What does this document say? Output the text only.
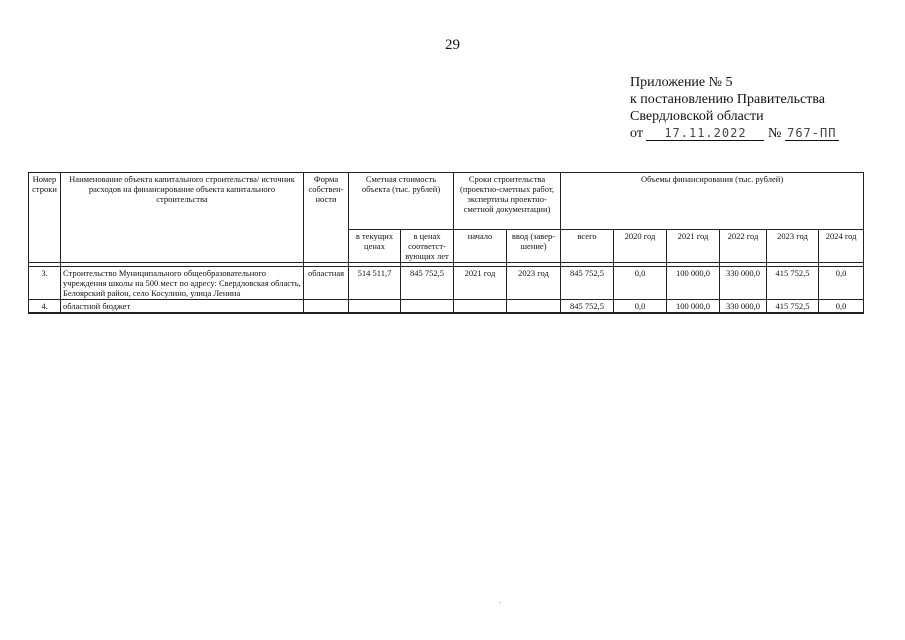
29
Приложение № 5
к постановлению Правительства
Свердловской области
от 17.11.2022 № 767-ПП
Номер строки	Наименование объекта капитального строительства/ источник расходов на финансирование объекта капитального строительства	Форма собствен-ности	Сметная стоимость объекта (тыс. рублей)		Сроки строительства (проектно-сметных работ, экспертизы проектно-сметной документации)		Объемы финансирования (тыс. рублей)					
			в текущих ценах	в ценах соответст-вующих лет	начало	ввод (завер-шение)	всего	2020 год	2021 год	2022 год	2023 год	2024 год

3.	Строительство Муниципального общеобразовательного учреждения школы на 500 мест по адресу: Свердловская область, Белоярский район, село Косулино, улица Ленина	областная	514 511,7	845 752,5	2021 год	2023 год	845 752,5	0,0	100 000,0	330 000,0	415 752,5	0,0
4.	областной бюджет						845 752,5	0,0	100 000,0	330 000,0	415 752,5	0,0
